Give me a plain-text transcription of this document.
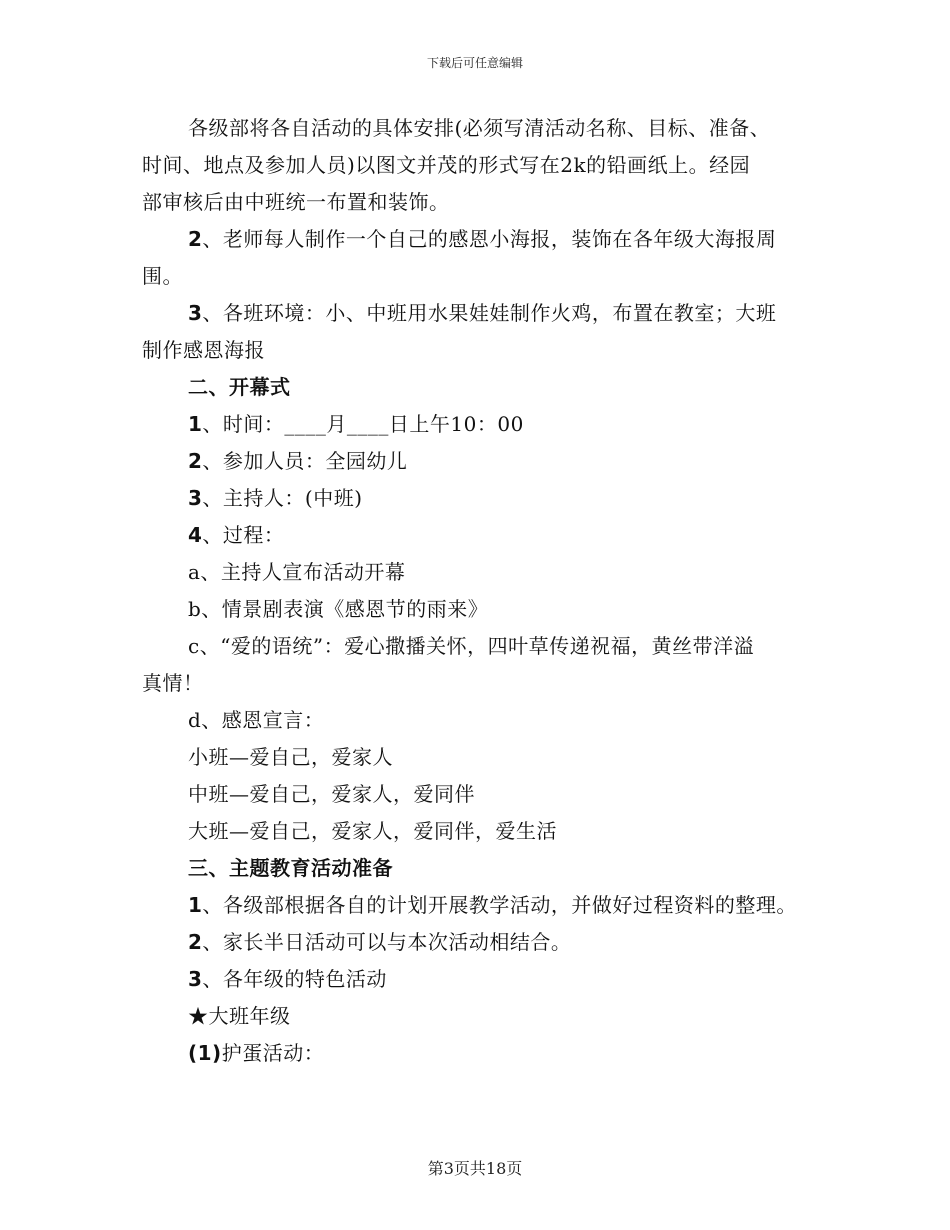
下载后可任意编辑
各级部将各自活动的具体安排(必须写清活动名称、目标、准备、
时间、地点及参加人员)以图文并茂的形式写在2k的铅画纸上。经园
部审核后由中班统一布置和装饰。
2、老师每人制作一个自己的感恩小海报，装饰在各年级大海报周
围。
3、各班环境：小、中班用水果娃娃制作火鸡，布置在教室；大班
制作感恩海报
二、开幕式
1、时间：____月____日上午10：00
2、参加人员：全园幼儿
3、主持人：(中班)
4、过程：
a、主持人宣布活动开幕
b、情景剧表演《感恩节的雨来》
c、“爱的语统”：爱心撒播关怀，四叶草传递祝福，黄丝带洋溢
真情！
d、感恩宣言：
小班—爱自己，爱家人
中班—爱自己，爱家人，爱同伴
大班—爱自己，爱家人，爱同伴，爱生活
三、主题教育活动准备
1、各级部根据各自的计划开展教学活动，并做好过程资料的整理。
2、家长半日活动可以与本次活动相结合。
3、各年级的特色活动
★大班年级
(1)护蛋活动：
第3页共18页
